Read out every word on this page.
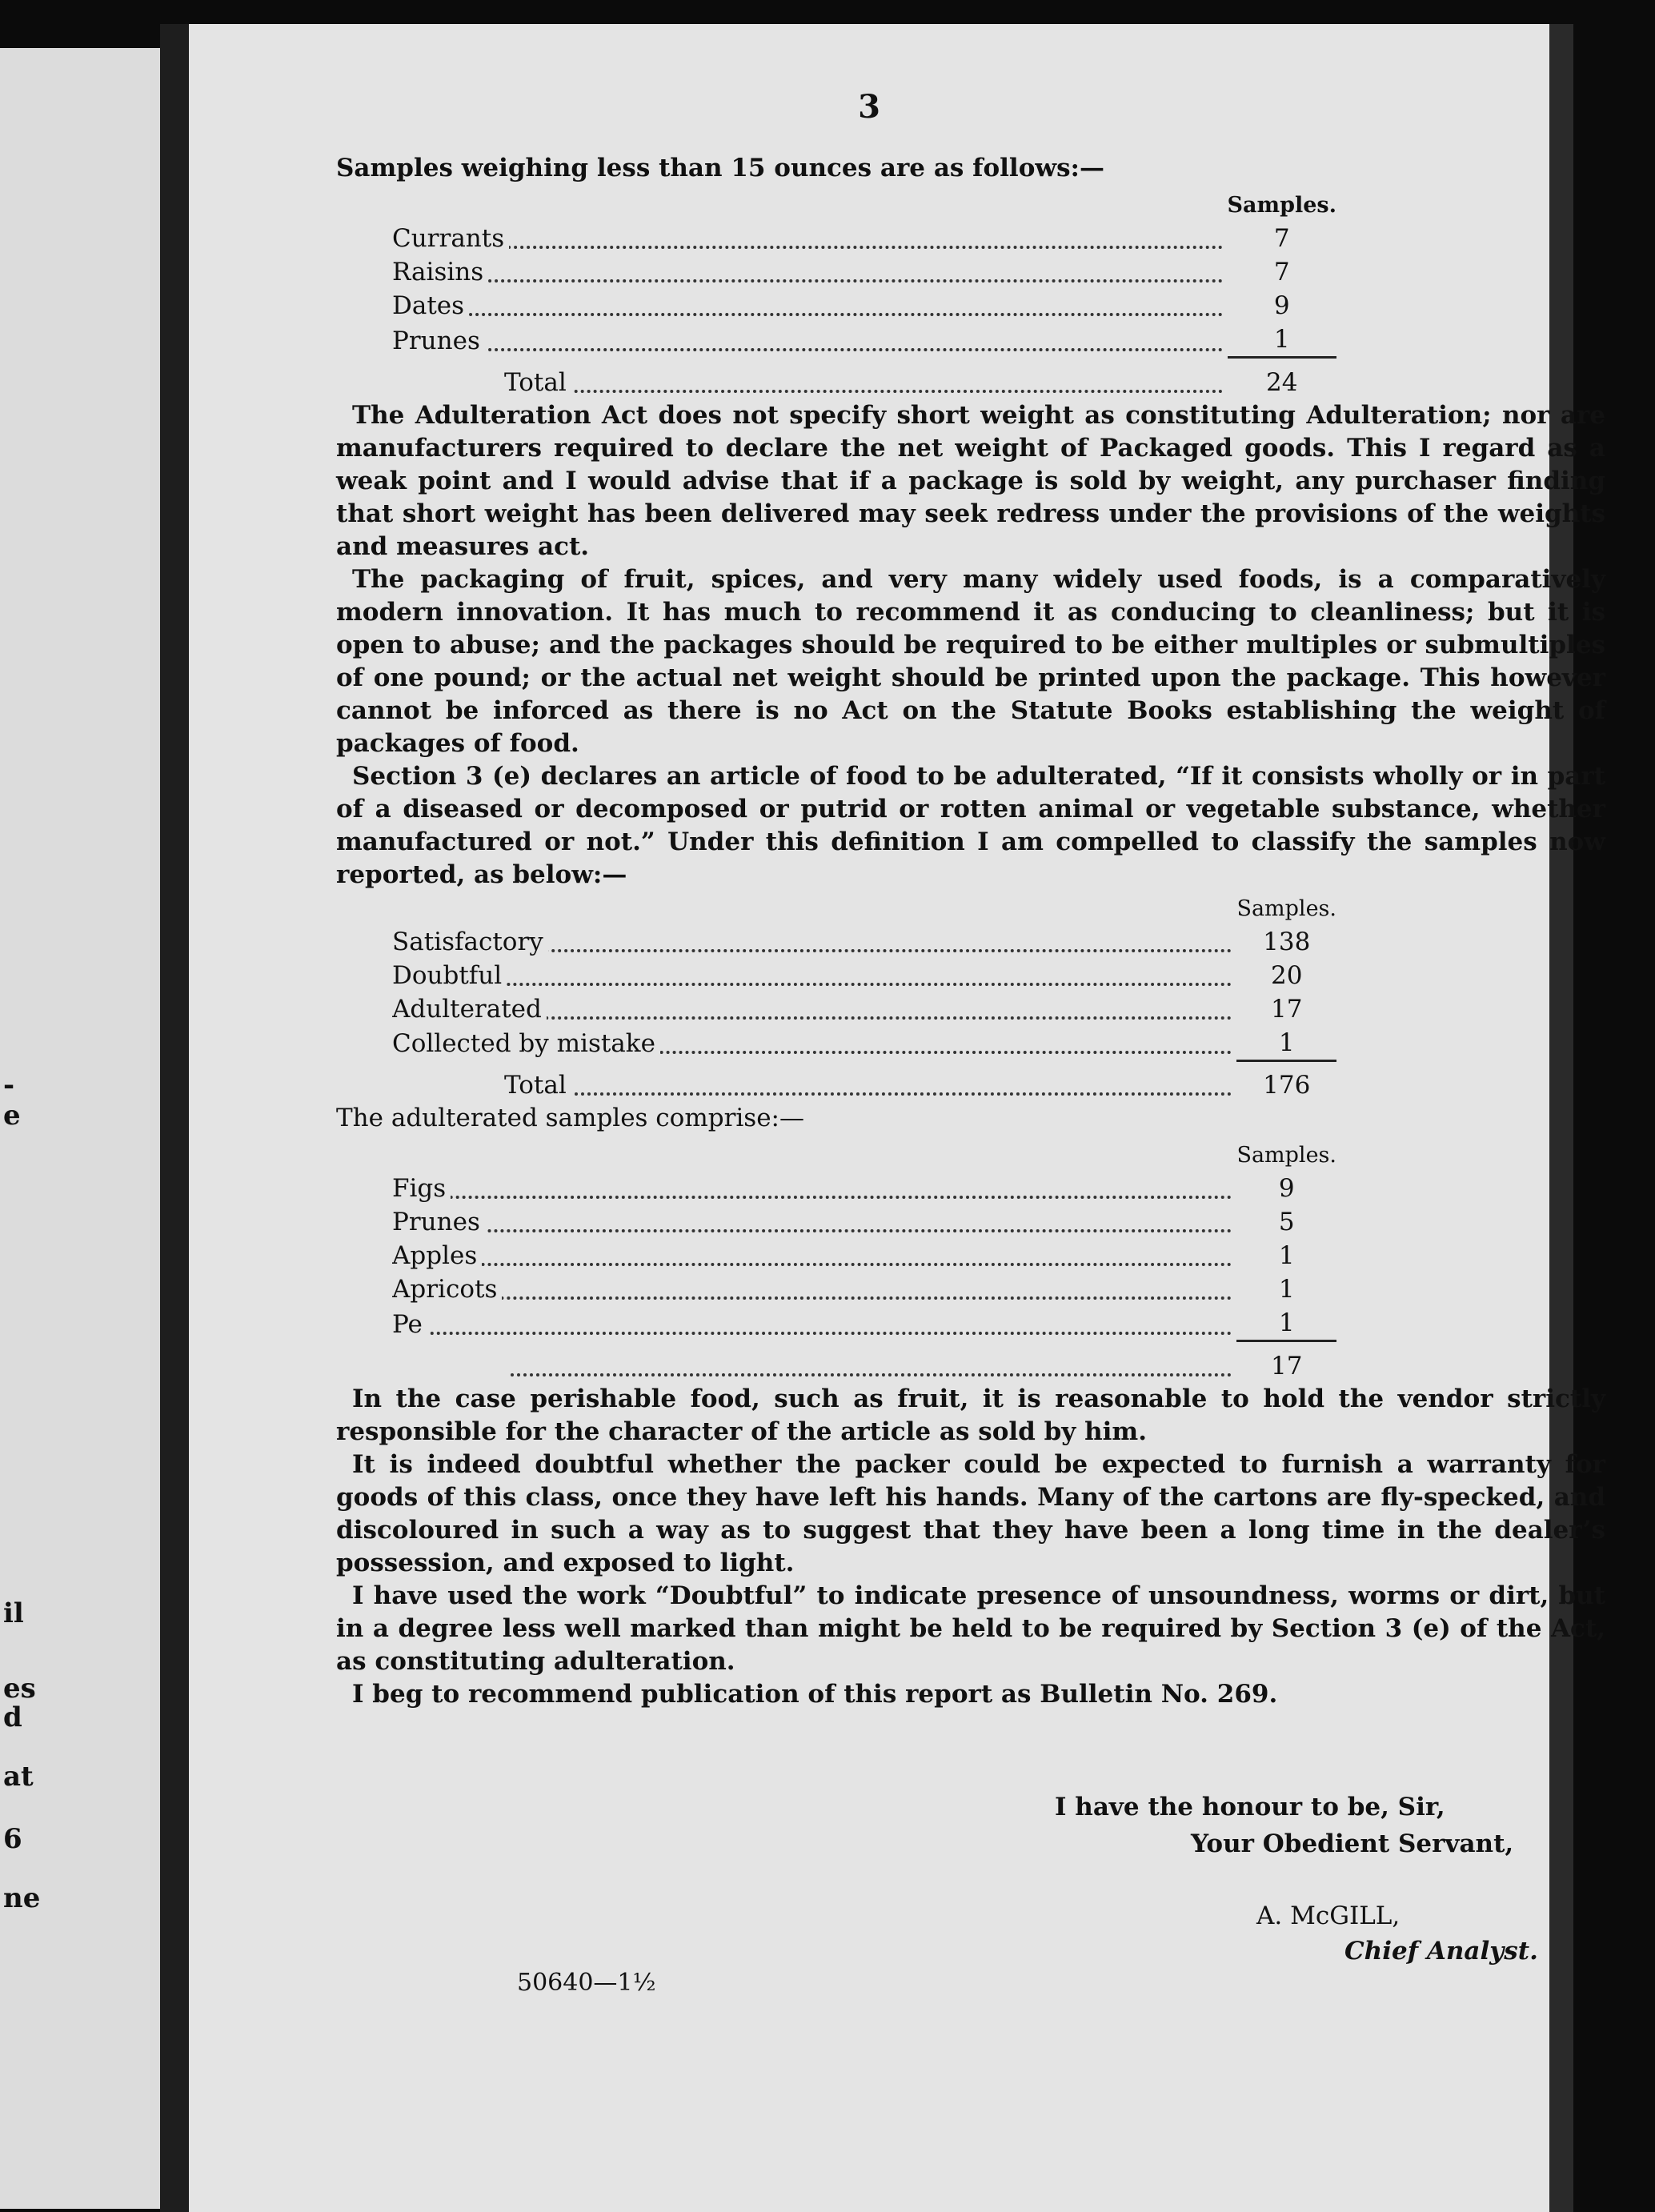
-
e
il
es
d
at
6
ne
3
Samples weighing less than 15 ounces are as follows:—
	Samples.

Currants	7

Raisins	7

Dates	9

Prunes	1

Total	24
The Adulteration Act does not specify short weight as constituting Adulteration; nor are manufacturers required to declare the net weight of Packaged goods. This I regard as a weak point and I would advise that if a package is sold by weight, any purchaser finding that short weight has been delivered may seek redress under the provisions of the weights and measures act.
The packaging of fruit, spices, and very many widely used foods, is a comparatively modern innovation. It has much to recommend it as conducing to cleanliness; but it is open to abuse; and the packages should be required to be either multiples or submultiples of one pound; or the actual net weight should be printed upon the package. This however cannot be inforced as there is no Act on the Statute Books establishing the weight of packages of food.
Section 3 (e) declares an article of food to be adulterated, “If it consists wholly or in part of a diseased or decomposed or putrid or rotten animal or vegetable substance, whether manufactured or not.” Under this definition I am compelled to classify the samples now reported, as below:—
	Samples.

Satisfactory	138

Doubtful	20

Adulterated	17

Collected by mistake	1

Total	176
The adulterated samples comprise:—
	Samples.

Figs	9

Prunes	5

Apples	1

Apricots	1

Pe	1

	17
In the case perishable food, such as fruit, it is reasonable to hold the vendor strictly responsible for the character of the article as sold by him.
It is indeed doubtful whether the packer could be expected to furnish a warranty for goods of this class, once they have left his hands. Many of the cartons are fly-specked, and discoloured in such a way as to suggest that they have been a long time in the dealer’s possession, and exposed to light.
I have used the work “Doubtful” to indicate presence of unsoundness, worms or dirt, but in a degree less well marked than might be held to be required by Section 3 (e) of the Act, as constituting adulteration.
I beg to recommend publication of this report as Bulletin No. 269.
I have the honour to be, Sir,
Your Obedient Servant,
A. McGILL,
Chief Analyst.
50640—1½
